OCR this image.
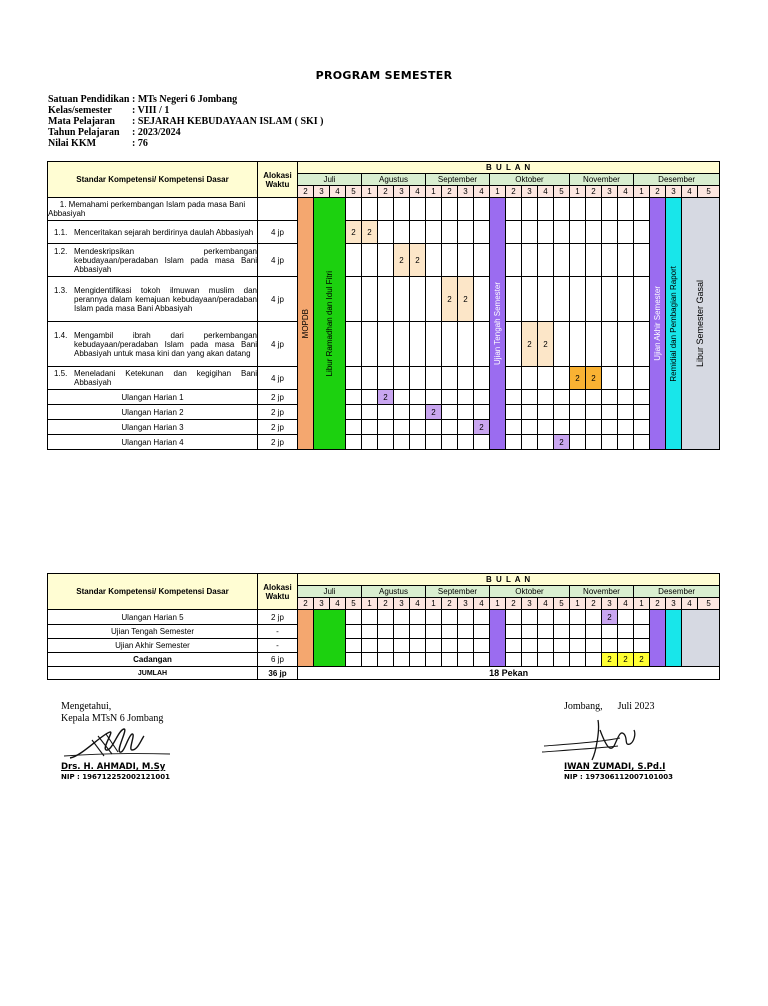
PROGRAM SEMESTER
Satuan Pendidikan : MTs Negeri 6 Jombang
Kelas/semester	: VIII / 1
Mata Pelajaran	: SEJARAH KEBUDAYAAN ISLAM ( SKI )
Tahun Pelajaran	: 2023/2024
Nilai KKM	: 76
Standar Kompetensi/ Kompetensi Dasar	Alokasi Waktu	B U L A N																										
		Juli				Agustus				September				Oktober					November				Desember					
		2	3	4	5	1	2	3	4	1	2	3	4	1	2	3	4	5	1	2	3	4	1	2	3	4	5	
1. Memahami perkembangan Islam pada masa Bani Abbasiyah		MOPDB	Libur Ramadhan dan Idul Fitri											Ujian Tengah Semester										Ujian Akhir Semester	Remidial dan Pembagian Raport	Libur Semester Gasal		

1.1. Menceritakan sejarah berdirinya daulah Abbasiyah	4 jp				2	2																						

1.2. Mendeskripsikan perkembangan kebudayaan/peradaban Islam pada masa Bani Abbasiyah	4 jp							2	2																			

1.3. Mengidentifikasi tokoh ilmuwan muslim dan perannya dalam kemajuan kebudayaan/peradaban Islam pada masa Bani Abbasiyah	4 jp										2	2																

1.4. Mengambil ibrah dari perkembangan kebudayaan/peradaban Islam pada masa Bani Abbasiyah untuk masa kini dan yang akan datang	4 jp															2	2											

1.5. Meneladani Ketekunan dan kegigihan Bani Abbasiyah	4 jp																		2	2								
Ulangan Harian 1	2 jp						2																					
Ulangan Harian 2	2 jp									2																		
Ulangan Harian 3	2 jp												2															
Ulangan Harian 4	2 jp																	2										
Standar Kompetensi/ Kompetensi Dasar	Alokasi Waktu	B U L A N																									
		Juli				Agustus				September				Oktober					November				Desember				
		2	3	4	5	1	2	3	4	1	2	3	4	1	2	3	4	5	1	2	3	4	1	2	3	4	5
Ulangan Harian 5	2 jp																				2						
Ujian Tengah Semester	-																										
Ujian Akhir Semester	-																										
Cadangan	6 jp																				2	2	2				
JUMLAH	36 jp	18 Pekan																									
Mengetahui,
Kepala MTsN 6 Jombang
Drs. H. AHMADI, M.Sy
NIP : 196712252002121001
Jombang,      Juli 2023
IWAN ZUMADI, S.Pd.I
NIP : 197306112007101003
